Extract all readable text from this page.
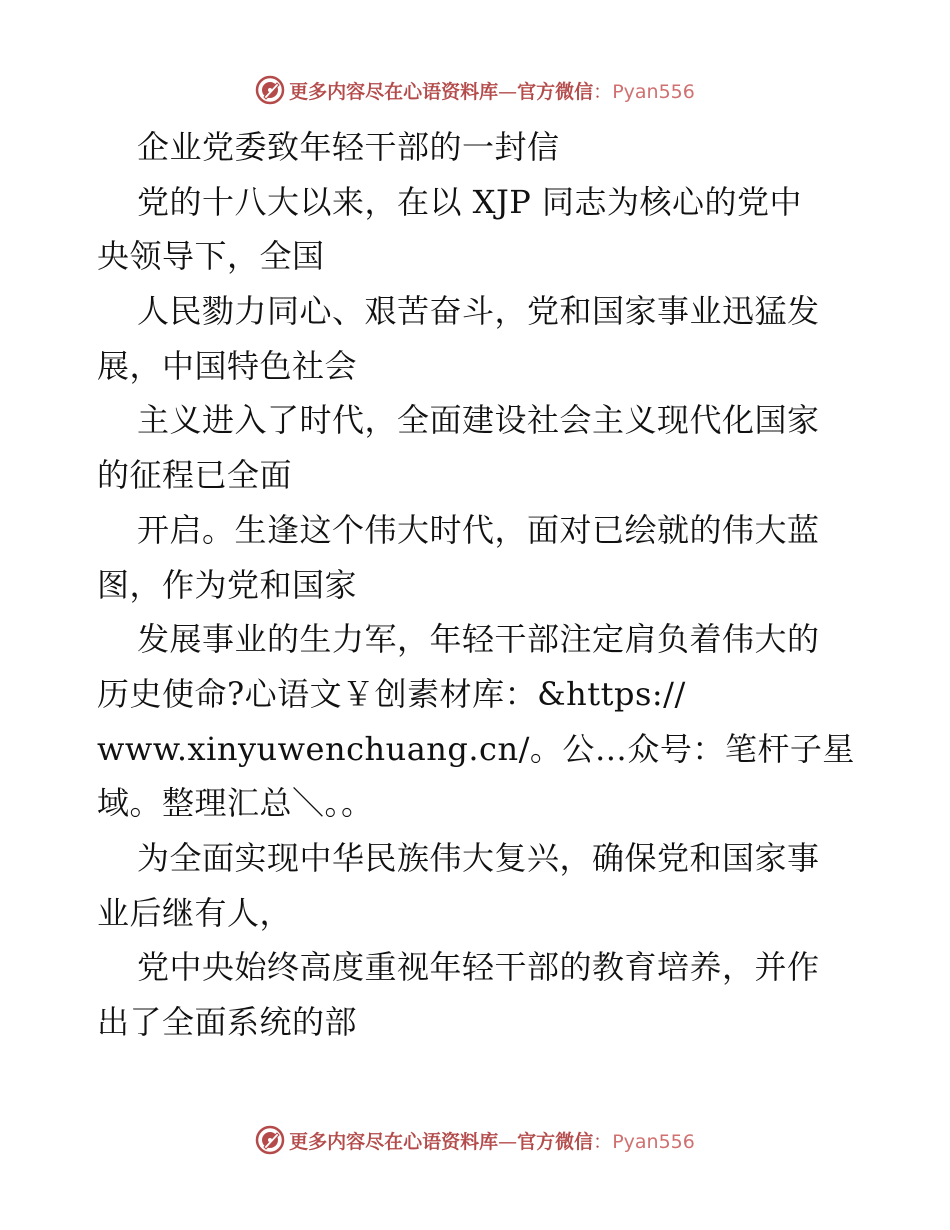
更多内容尽在心语资料库—官方微信：Pyan556
企业党委致年轻干部的一封信
党的十八大以来，在以 XJP 同志为核心的党中
央领导下，全国
人民勠力同心、艰苦奋斗，党和国家事业迅猛发
展，中国特色社会
主义进入了时代，全面建设社会主义现代化国家
的征程已全面
开启。生逢这个伟大时代，面对已绘就的伟大蓝
图，作为党和国家
发展事业的生力军，年轻干部注定肩负着伟大的
历史使命?心语文￥创素材库：&https://
www.xinyuwenchuang.cn/。公…众号：笔杆子星
域。整理汇总＼。。
为全面实现中华民族伟大复兴，确保党和国家事
业后继有人，
党中央始终高度重视年轻干部的教育培养，并作
出了全面系统的部
更多内容尽在心语资料库—官方微信：Pyan556
